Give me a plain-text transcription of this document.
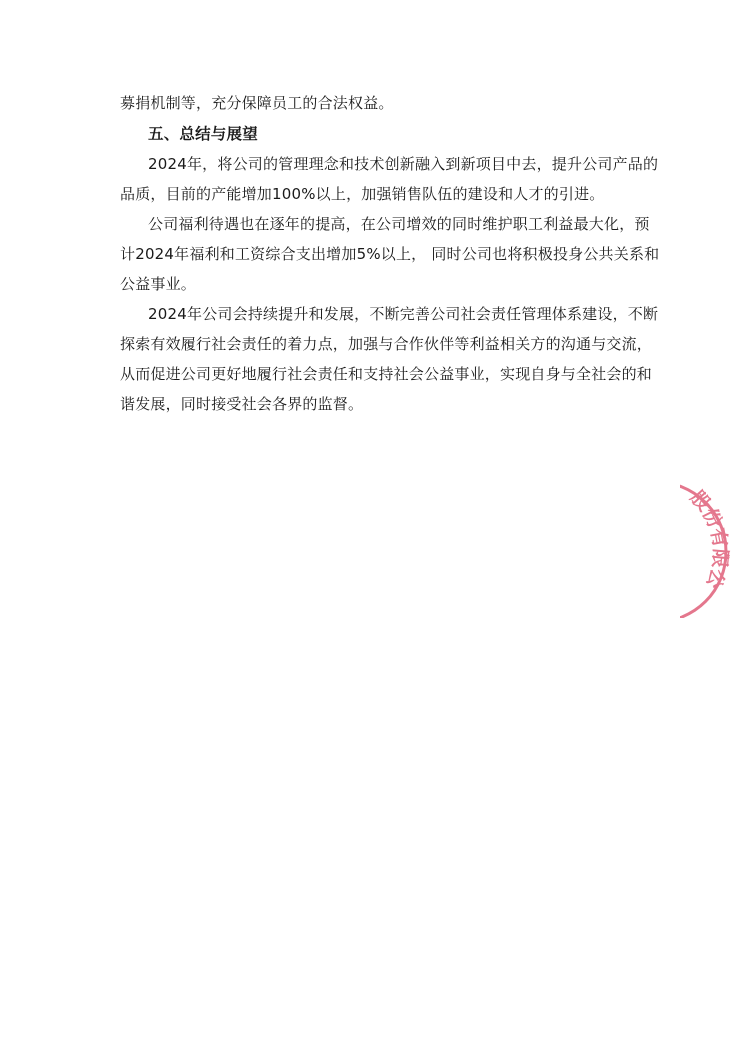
募捐机制等，充分保障员工的合法权益。
五、总结与展望
2024年，将公司的管理理念和技术创新融入到新项目中去，提升公司产品的
品质，目前的产能增加100%以上，加强销售队伍的建设和人才的引进。
公司福利待遇也在逐年的提高，在公司增效的同时维护职工利益最大化，预
计2024年福利和工资综合支出增加5%以上， 同时公司也将积极投身公共关系和
公益事业。
2024年公司会持续提升和发展，不断完善公司社会责任管理体系建设，不断
探索有效履行社会责任的着力点，加强与合作伙伴等利益相关方的沟通与交流，
从而促进公司更好地履行社会责任和支持社会公益事业，实现自身与全社会的和
谐发展，同时接受社会各界的监督。
股份有限公
